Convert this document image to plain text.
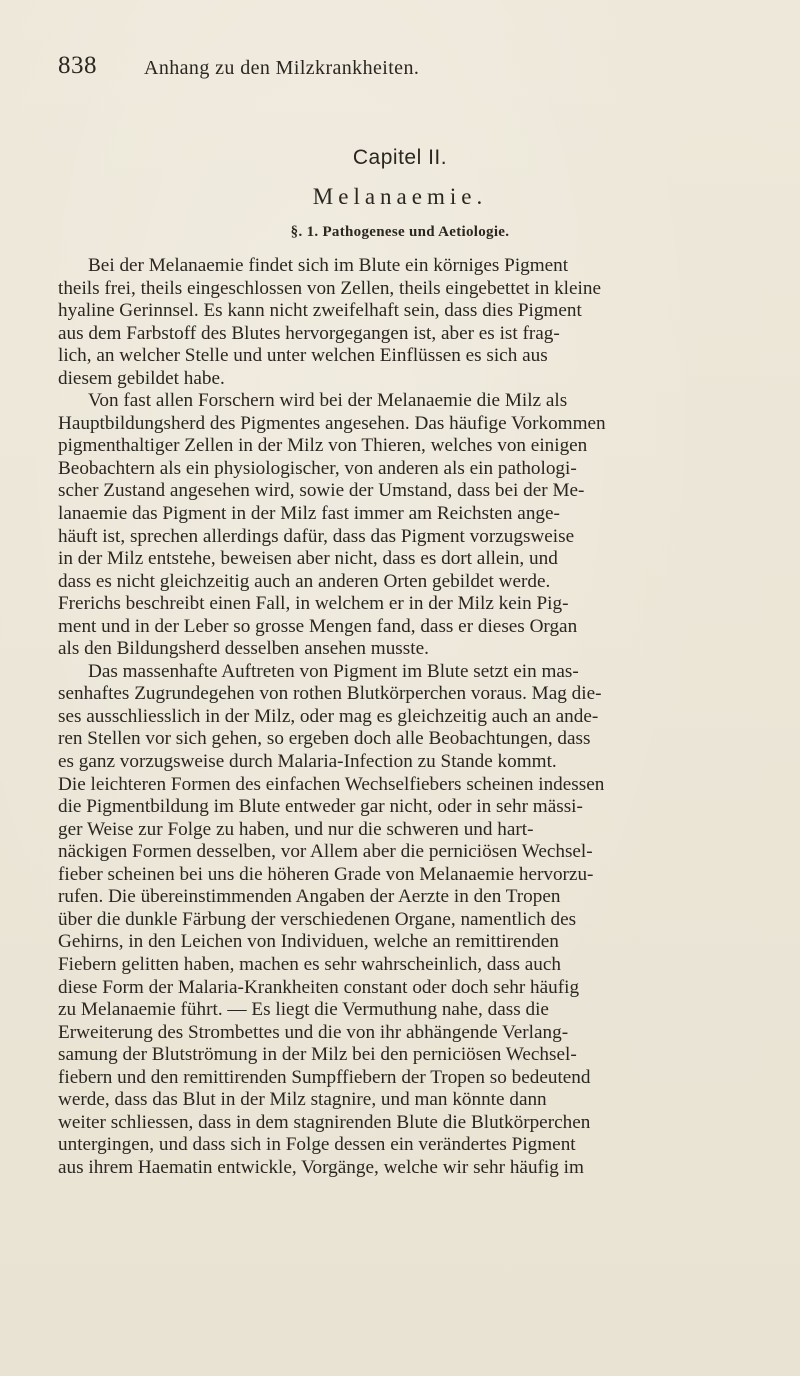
838 Anhang zu den Milzkrankheiten.
Capitel II.
Melanaemie.
§. 1. Pathogenese und Aetiologie.
Bei der Melanaemie findet sich im Blute ein körniges Pigment
theils frei, theils eingeschlossen von Zellen, theils eingebettet in kleine
hyaline Gerinnsel. Es kann nicht zweifelhaft sein, dass dies Pigment
aus dem Farbstoff des Blutes hervorgegangen ist, aber es ist frag-
lich, an welcher Stelle und unter welchen Einflüssen es sich aus
diesem gebildet habe.
Von fast allen Forschern wird bei der Melanaemie die Milz als
Hauptbildungsherd des Pigmentes angesehen. Das häufige Vorkommen
pigmenthaltiger Zellen in der Milz von Thieren, welches von einigen
Beobachtern als ein physiologischer, von anderen als ein pathologi-
scher Zustand angesehen wird, sowie der Umstand, dass bei der Me-
lanaemie das Pigment in der Milz fast immer am Reichsten ange-
häuft ist, sprechen allerdings dafür, dass das Pigment vorzugsweise
in der Milz entstehe, beweisen aber nicht, dass es dort allein, und
dass es nicht gleichzeitig auch an anderen Orten gebildet werde.
Frerichs beschreibt einen Fall, in welchem er in der Milz kein Pig-
ment und in der Leber so grosse Mengen fand, dass er dieses Organ
als den Bildungsherd desselben ansehen musste.
Das massenhafte Auftreten von Pigment im Blute setzt ein mas-
senhaftes Zugrundegehen von rothen Blutkörperchen voraus. Mag die-
ses ausschliesslich in der Milz, oder mag es gleichzeitig auch an ande-
ren Stellen vor sich gehen, so ergeben doch alle Beobachtungen, dass
es ganz vorzugsweise durch Malaria-Infection zu Stande kommt.
Die leichteren Formen des einfachen Wechselfiebers scheinen indessen
die Pigmentbildung im Blute entweder gar nicht, oder in sehr mässi-
ger Weise zur Folge zu haben, und nur die schweren und hart-
näckigen Formen desselben, vor Allem aber die perniciösen Wechsel-
fieber scheinen bei uns die höheren Grade von Melanaemie hervorzu-
rufen. Die übereinstimmenden Angaben der Aerzte in den Tropen
über die dunkle Färbung der verschiedenen Organe, namentlich des
Gehirns, in den Leichen von Individuen, welche an remittirenden
Fiebern gelitten haben, machen es sehr wahrscheinlich, dass auch
diese Form der Malaria-Krankheiten constant oder doch sehr häufig
zu Melanaemie führt. — Es liegt die Vermuthung nahe, dass die
Erweiterung des Strombettes und die von ihr abhängende Verlang-
samung der Blutströmung in der Milz bei den perniciösen Wechsel-
fiebern und den remittirenden Sumpffiebern der Tropen so bedeutend
werde, dass das Blut in der Milz stagnire, und man könnte dann
weiter schliessen, dass in dem stagnirenden Blute die Blutkörperchen
untergingen, und dass sich in Folge dessen ein verändertes Pigment
aus ihrem Haematin entwickle, Vorgänge, welche wir sehr häufig im
